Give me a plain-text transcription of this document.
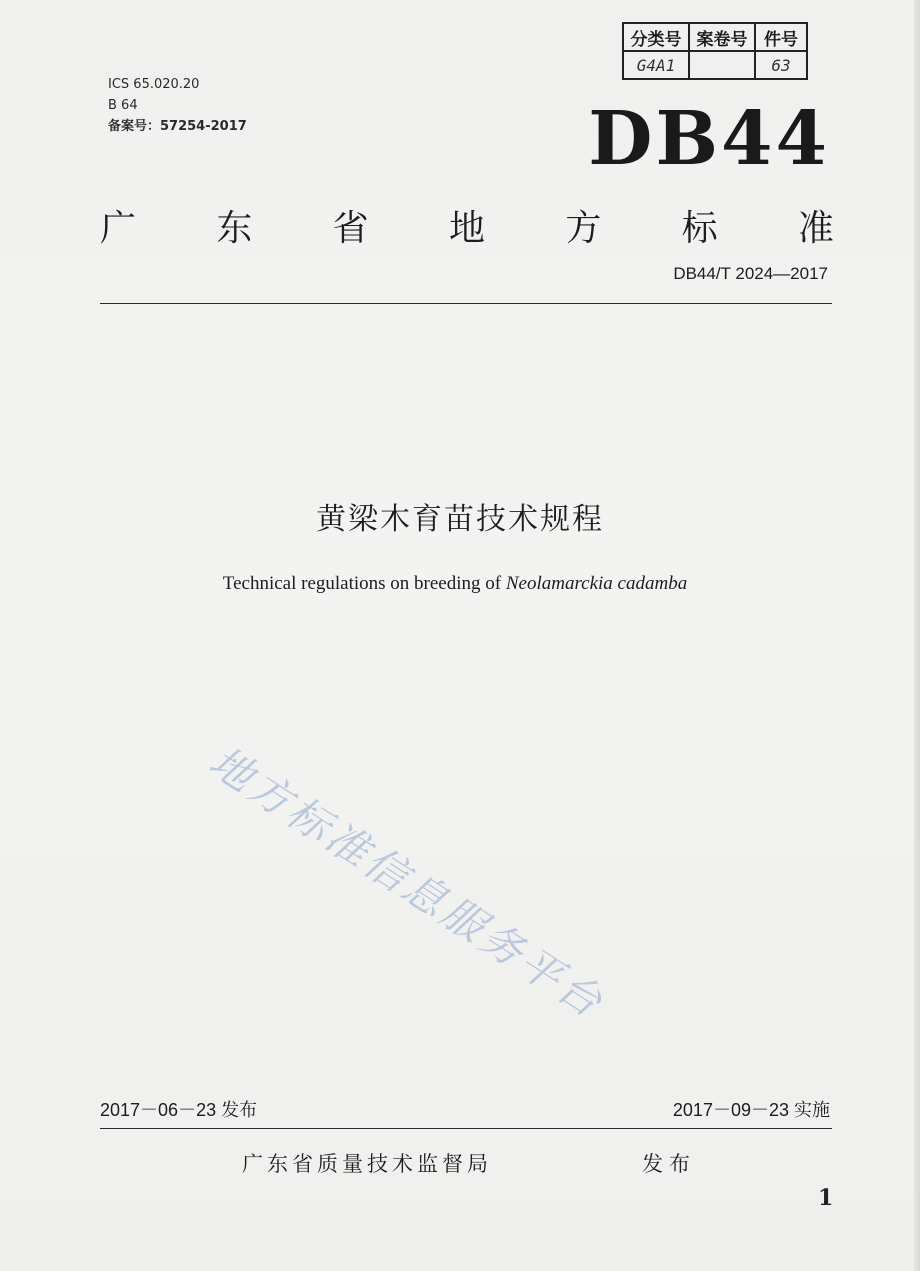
分类号	案卷号	件号
G4A1		63
ICS 65.020.20
B 64
备案号：57254-2017	DB44
广 东 省 地 方 标 准
DB44/T 2024—2017
黄梁木育苗技术规程
Technical regulations on breeding of Neolamarckia cadamba
地方标准信息服务平台
2017－06－23 发布	2017－09－23 实施
广东省质量技术监督局	发布
1
